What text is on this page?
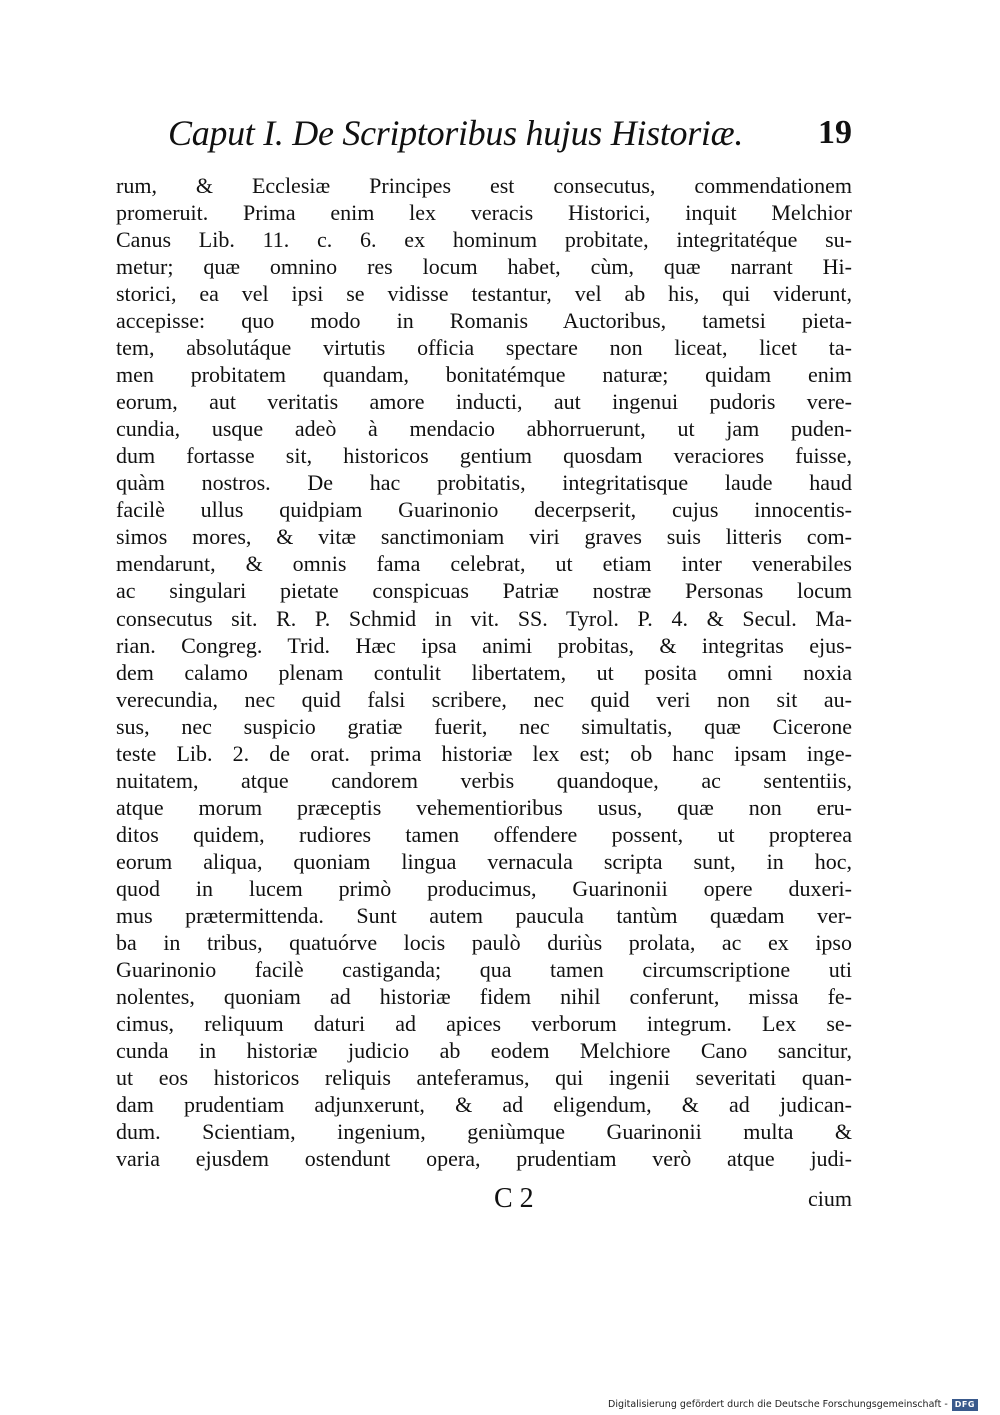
Caput I. De Scriptoribus hujus Historiæ. 19
rum, & Ecclesiæ Principes est consecutus, commendationem
promeruit. Prima enim lex veracis Historici, inquit Melchior
Canus Lib. 11. c. 6. ex hominum probitate, integritatéque su-
metur; quæ omnino res locum habet, cùm, quæ narrant Hi-
storici, ea vel ipsi se vidisse testantur, vel ab his, qui viderunt,
accepisse: quo modo in Romanis Auctoribus, tametsi pieta-
tem, absolutáque virtutis officia spectare non liceat, licet ta-
men probitatem quandam, bonitatémque naturæ; quidam enim
eorum, aut veritatis amore inducti, aut ingenui pudoris vere-
cundia, usque adeò à mendacio abhorruerunt, ut jam puden-
dum fortasse sit, historicos gentium quosdam veraciores fuisse,
quàm nostros. De hac probitatis, integritatisque laude haud
facilè ullus quidpiam Guarinonio decerpserit, cujus innocentis-
simos mores, & vitæ sanctimoniam viri graves suis litteris com-
mendarunt, & omnis fama celebrat, ut etiam inter venerabiles
ac singulari pietate conspicuas Patriæ nostræ Personas locum
consecutus sit. R. P. Schmid in vit. SS. Tyrol. P. 4. & Secul. Ma-
rian. Congreg. Trid. Hæc ipsa animi probitas, & integritas ejus-
dem calamo plenam contulit libertatem, ut posita omni noxia
verecundia, nec quid falsi scribere, nec quid veri non sit au-
sus, nec suspicio gratiæ fuerit, nec simultatis, quæ Cicerone
teste Lib. 2. de orat. prima historiæ lex est; ob hanc ipsam inge-
nuitatem, atque candorem verbis quandoque, ac sententiis,
atque morum præceptis vehementioribus usus, quæ non eru-
ditos quidem, rudiores tamen offendere possent, ut propterea
eorum aliqua, quoniam lingua vernacula scripta sunt, in hoc,
quod in lucem primò producimus, Guarinonii opere duxeri-
mus prætermittenda. Sunt autem paucula tantùm quædam ver-
ba in tribus, quatuórve locis paulò duriùs prolata, ac ex ipso
Guarinonio facilè castiganda; qua tamen circumscriptione uti
nolentes, quoniam ad historiæ fidem nihil conferunt, missa fe-
cimus, reliquum daturi ad apices verborum integrum. Lex se-
cunda in historiæ judicio ab eodem Melchiore Cano sancitur,
ut eos historicos reliquis anteferamus, qui ingenii severitati quan-
dam prudentiam adjunxerunt, & ad eligendum, & ad judican-
dum. Scientiam, ingenium, geniùmque Guarinonii multa &
varia ejusdem ostendunt opera, prudentiam verò atque judi-
C 2	cium
Digitalisierung gefördert durch die Deutsche Forschungsgemeinschaft - DFG
